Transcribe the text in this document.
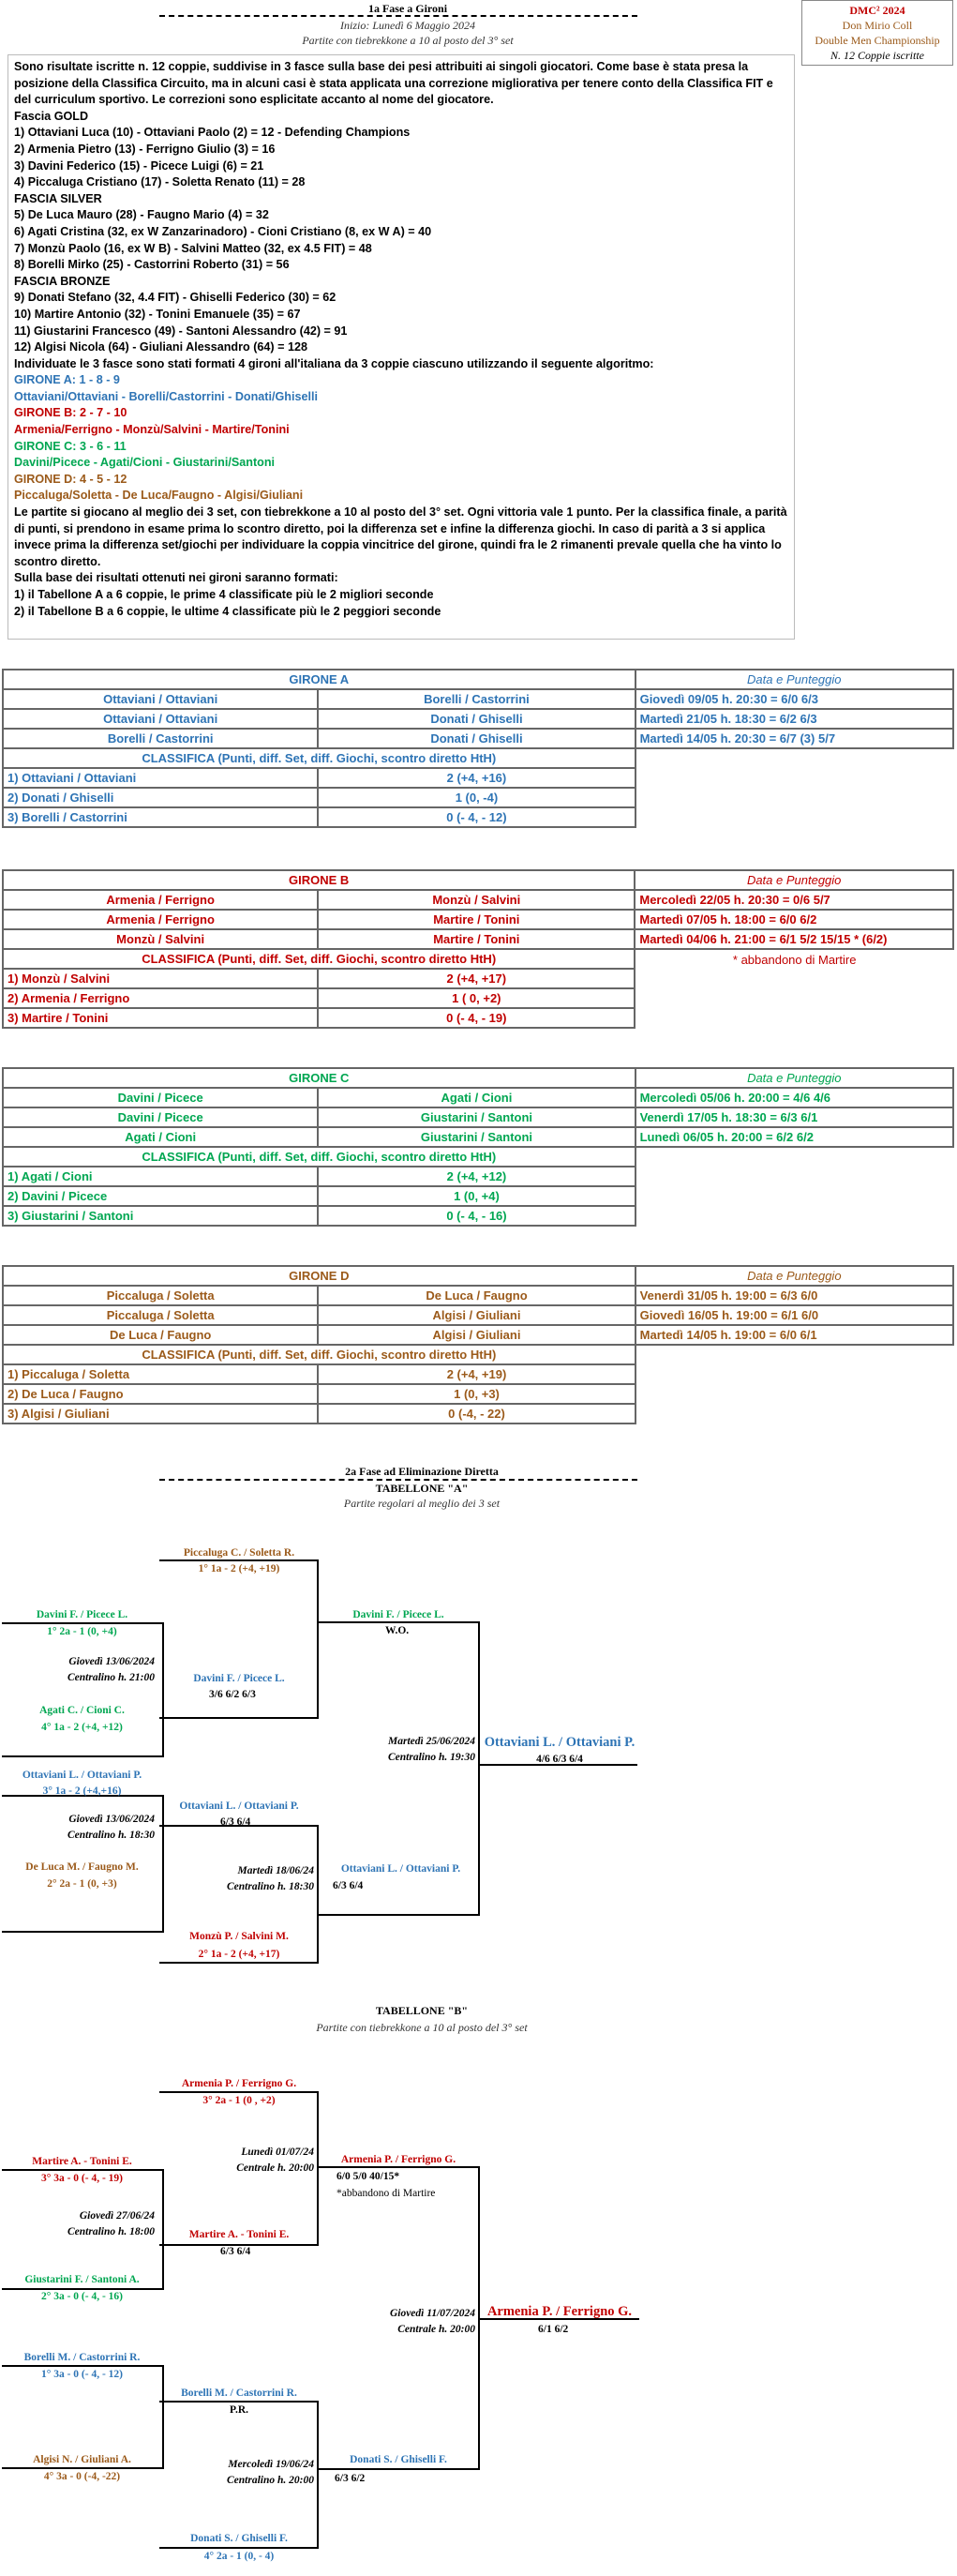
1a Fase a Gironi
Inizio: Lunedì 6 Maggio 2024
Partite con tiebrekkone a 10 al posto del 3° set
DMC² 2024
Don Mirio Coll
Double Men Championship
N. 12 Coppie iscritte

Sono risultate iscritte n. 12 coppie, suddivise in 3 fasce sulla base dei pesi attribuiti ai singoli giocatori. Come base è stata presa la posizione della Classifica Circuito, ma in alcuni casi è stata applicata una correzione migliorativa per tenere conto della Classifica FIT e del curriculum sportivo. Le correzioni sono esplicitate accanto al nome del giocatore.

Fascia GOLD

1) Ottaviani Luca (10) - Ottaviani Paolo (2) = 12 - Defending Champions

2) Armenia Pietro (13) - Ferrigno Giulio (3) = 16

3) Davini Federico (15) - Picece Luigi (6) = 21

4) Piccaluga Cristiano (17) - Soletta Renato (11) = 28

FASCIA SILVER

5) De Luca Mauro (28) - Faugno Mario (4) = 32

6) Agati Cristina (32, ex W Zanzarinadoro) - Cioni Cristiano (8, ex W A) = 40

7) Monzù Paolo (16, ex W B) - Salvini Matteo (32, ex 4.5 FIT) = 48

8) Borelli Mirko (25) - Castorrini Roberto (31) = 56

FASCIA BRONZE

9) Donati Stefano (32, 4.4 FIT) - Ghiselli Federico (30) = 62

10) Martire Antonio (32) - Tonini Emanuele (35) = 67

11) Giustarini Francesco (49) - Santoni Alessandro (42) = 91

12) Algisi Nicola (64) - Giuliani Alessandro (64) = 128

Individuate le 3 fasce sono stati formati 4 gironi all'italiana da 3 coppie ciascuno utilizzando il seguente algoritmo:

GIRONE A: 1 - 8 - 9

Ottaviani/Ottaviani - Borelli/Castorrini - Donati/Ghiselli

GIRONE B: 2 - 7 - 10

Armenia/Ferrigno - Monzù/Salvini - Martire/Tonini

GIRONE C: 3 - 6 - 11

Davini/Picece - Agati/Cioni - Giustarini/Santoni

GIRONE D: 4 - 5 - 12

Piccaluga/Soletta - De Luca/Faugno - Algisi/Giuliani

Le partite si giocano al meglio dei 3 set, con tiebrekkone a 10 al posto del 3° set. Ogni vittoria vale 1 punto. Per la classifica finale, a parità di punti, si prendono in esame prima lo scontro diretto, poi la differenza set e infine la differenza giochi. In caso di parità a 3 si applica invece prima la differenza set/giochi per individuare la coppia vincitrice del girone, quindi fra le 2 rimanenti prevale quella che ha vinto lo scontro diretto.

Sulla base dei risultati ottenuti nei gironi saranno formati:

1) il Tabellone A a 6 coppie, le prime 4 classificate più le 2 migliori seconde

2) il Tabellone B a 6 coppie, le ultime 4 classificate più le 2 peggiori seconde

GIRONE A		Data e Punteggio
Ottaviani / Ottaviani	Borelli / Castorrini	Giovedì 09/05 h. 20:30 = 6/0 6/3
Ottaviani / Ottaviani	Donati / Ghiselli	Martedì 21/05 h. 18:30 = 6/2 6/3
Borelli / Castorrini	Donati / Ghiselli	Martedì 14/05 h. 20:30 = 6/7 (3) 5/7
CLASSIFICA (Punti, diff. Set, diff. Giochi, scontro diretto HtH)		
1) Ottaviani / Ottaviani	2 (+4, +16)	
2) Donati / Ghiselli	1 (0, -4)	
3) Borelli / Castorrini	0 (- 4, - 12)	
GIRONE B		Data e Punteggio
Armenia / Ferrigno	Monzù / Salvini	Mercoledì 22/05 h. 20:30 = 0/6 5/7
Armenia / Ferrigno	Martire / Tonini	Martedì 07/05 h. 18:00 = 6/0 6/2
Monzù / Salvini	Martire / Tonini	Martedì 04/06 h. 21:00 = 6/1 5/2 15/15 * (6/2)
CLASSIFICA (Punti, diff. Set, diff. Giochi, scontro diretto HtH)		* abbandono di Martire
1) Monzù / Salvini	2 (+4, +17)	
2) Armenia / Ferrigno	1 ( 0, +2)	
3) Martire / Tonini	0 (- 4, - 19)	
GIRONE C		Data e Punteggio
Davini / Picece	Agati / Cioni	Mercoledì 05/06 h. 20:00 = 4/6 4/6
Davini / Picece	Giustarini / Santoni	Venerdì 17/05 h. 18:30 = 6/3 6/1
Agati / Cioni	Giustarini / Santoni	Lunedì 06/05 h. 20:00 = 6/2 6/2
CLASSIFICA (Punti, diff. Set, diff. Giochi, scontro diretto HtH)		
1) Agati / Cioni	2 (+4, +12)	
2) Davini / Picece	1 (0, +4)	
3) Giustarini / Santoni	0 (- 4, - 16)	
GIRONE D		Data e Punteggio
Piccaluga / Soletta	De Luca / Faugno	Venerdì 31/05 h. 19:00 = 6/3 6/0
Piccaluga / Soletta	Algisi / Giuliani	Giovedì 16/05 h. 19:00 = 6/1 6/0
De Luca / Faugno	Algisi / Giuliani	Martedì 14/05 h. 19:00 = 6/0 6/1
CLASSIFICA (Punti, diff. Set, diff. Giochi, scontro diretto HtH)		
1) Piccaluga / Soletta	2 (+4, +19)	
2) De Luca / Faugno	1 (0, +3)	
3) Algisi / Giuliani	0 (-4, - 22)	
2a Fase ad Eliminazione Diretta
TABELLONE "A"
Partite regolari al meglio dei 3 set
Piccaluga C. / Soletta R.
1° 1a - 2 (+4, +19)
Davini F. / Picece L.
1° 2a - 1 (0, +4)
Giovedì 13/06/2024
Centralino h. 21:00
Agati C. / Cioni C.
4° 1a - 2 (+4, +12)
Davini F. / Picece L.
3/6 6/2 6/3
Davini F. / Picece L.
W.O.
Martedì 25/06/2024
Centralino h. 19:30
Ottaviani L. / Ottaviani P.
4/6 6/3 6/4
Ottaviani L. / Ottaviani P.
3° 1a - 2 (+4,+16)
Giovedì 13/06/2024
Centralino h. 18:30
De Luca M. / Faugno M.
2° 2a - 1 (0, +3)
Ottaviani L. / Ottaviani P.
6/3 6/4
Martedì 18/06/24
Centralino h. 18:30
Ottaviani L. / Ottaviani P.
6/3 6/4
Monzù P. / Salvini M.
2° 1a - 2 (+4, +17)
TABELLONE "B"
Partite con tiebrekkone a 10 al posto del 3° set
Armenia P. / Ferrigno G.
3° 2a - 1 (0 , +2)
Martire A. - Tonini E.
3° 3a - 0 (- 4, - 19)
Giovedì 27/06/24
Centralino h. 18:00
Giustarini F. / Santoni A.
2° 3a - 0 (- 4, - 16)
Lunedì 01/07/24
Centrale h. 20:00
Martire A. - Tonini E.
6/3 6/4
Armenia P. / Ferrigno G.
6/0 5/0 40/15*
*abbandono di Martire
Giovedì 11/07/2024
Centrale h. 20:00
Armenia P. / Ferrigno G.
6/1 6/2
Borelli M. / Castorrini R.
1° 3a - 0 (- 4, - 12)
Algisi N. / Giuliani A.
4° 3a - 0 (-4, -22)
Borelli M. / Castorrini R.
P.R.
Mercoledì 19/06/24
Centralino h. 20:00
Donati S. / Ghiselli F.
6/3 6/2
Donati S. / Ghiselli F.
4° 2a - 1 (0, - 4)
